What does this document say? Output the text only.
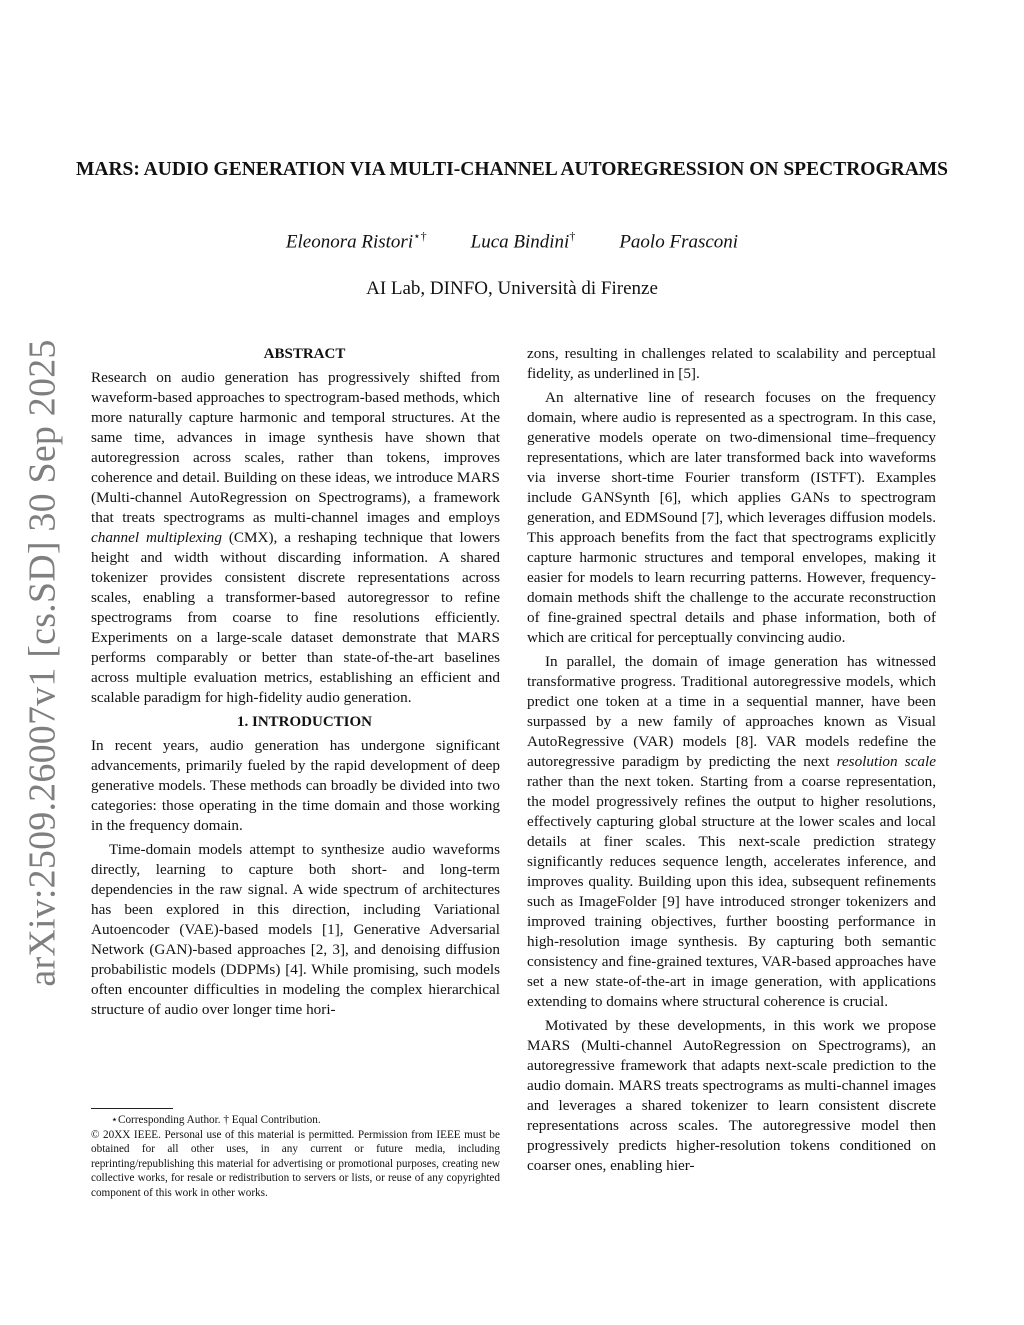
arXiv:2509.26007v1 [cs.SD] 30 Sep 2025
MARS: AUDIO GENERATION VIA MULTI-CHANNEL AUTOREGRESSION ON SPECTROGRAMS
Eleonora Ristori⋆† Luca Bindini† Paolo Frasconi
AI Lab, DINFO, Università di Firenze

ABSTRACT

Research on audio generation has progressively shifted from waveform-based approaches to spectrogram-based methods, which more naturally capture harmonic and temporal structures. At the same time, advances in image synthesis have shown that autoregression across scales, rather than tokens, improves coherence and detail. Building on these ideas, we introduce MARS (Multi-channel AutoRegression on Spectrograms), a framework that treats spectrograms as multi-channel images and employs channel multiplexing (CMX), a reshaping technique that lowers height and width without discarding information. A shared tokenizer provides consistent discrete representations across scales, enabling a transformer-based autoregressor to refine spectrograms from coarse to fine resolutions efficiently. Experiments on a large-scale dataset demonstrate that MARS performs comparably or better than state-of-the-art baselines across multiple evaluation metrics, establishing an efficient and scalable paradigm for high-fidelity audio generation.

1. INTRODUCTION

In recent years, audio generation has undergone significant advancements, primarily fueled by the rapid development of deep generative models. These methods can broadly be divided into two categories: those operating in the time domain and those working in the frequency domain.

Time-domain models attempt to synthesize audio waveforms directly, learning to capture both short- and long-term dependencies in the raw signal. A wide spectrum of architectures has been explored in this direction, including Variational Autoencoder (VAE)-based models [1], Generative Adversarial Network (GAN)-based approaches [2, 3], and denoising diffusion probabilistic models (DDPMs) [4]. While promising, such models often encounter difficulties in modeling the complex hierarchical structure of audio over longer time hori-

zons, resulting in challenges related to scalability and perceptual fidelity, as underlined in [5].

An alternative line of research focuses on the frequency domain, where audio is represented as a spectrogram. In this case, generative models operate on two-dimensional time–frequency representations, which are later transformed back into waveforms via inverse short-time Fourier transform (ISTFT). Examples include GANSynth [6], which applies GANs to spectrogram generation, and EDMSound [7], which leverages diffusion models. This approach benefits from the fact that spectrograms explicitly capture harmonic structures and temporal envelopes, making it easier for models to learn recurring patterns. However, frequency-domain methods shift the challenge to the accurate reconstruction of fine-grained spectral details and phase information, both of which are critical for perceptually convincing audio.

In parallel, the domain of image generation has witnessed transformative progress. Traditional autoregressive models, which predict one token at a time in a sequential manner, have been surpassed by a new family of approaches known as Visual AutoRegressive (VAR) models [8]. VAR models redefine the autoregressive paradigm by predicting the next resolution scale rather than the next token. Starting from a coarse representation, the model progressively refines the output to higher resolutions, effectively capturing global structure at the lower scales and local details at finer scales. This next-scale prediction strategy significantly reduces sequence length, accelerates inference, and improves quality. Building upon this idea, subsequent refinements such as ImageFolder [9] have introduced stronger tokenizers and improved training objectives, further boosting performance in high-resolution image synthesis. By capturing both semantic consistency and fine-grained textures, VAR-based approaches have set a new state-of-the-art in image generation, with applications extending to domains where structural coherence is crucial.

Motivated by these developments, in this work we propose MARS (Multi-channel AutoRegression on Spectrograms), an autoregressive framework that adapts next-scale prediction to the audio domain. MARS treats spectrograms as multi-channel images and leverages a shared tokenizer to learn consistent discrete representations across scales. The autoregressive model then progressively predicts higher-resolution tokens conditioned on coarser ones, enabling hier-

⋆Corresponding Author. † Equal Contribution.

© 20XX IEEE. Personal use of this material is permitted. Permission from IEEE must be obtained for all other uses, in any current or future media, including reprinting/republishing this material for advertising or promotional purposes, creating new collective works, for resale or redistribution to servers or lists, or reuse of any copyrighted component of this work in other works.
